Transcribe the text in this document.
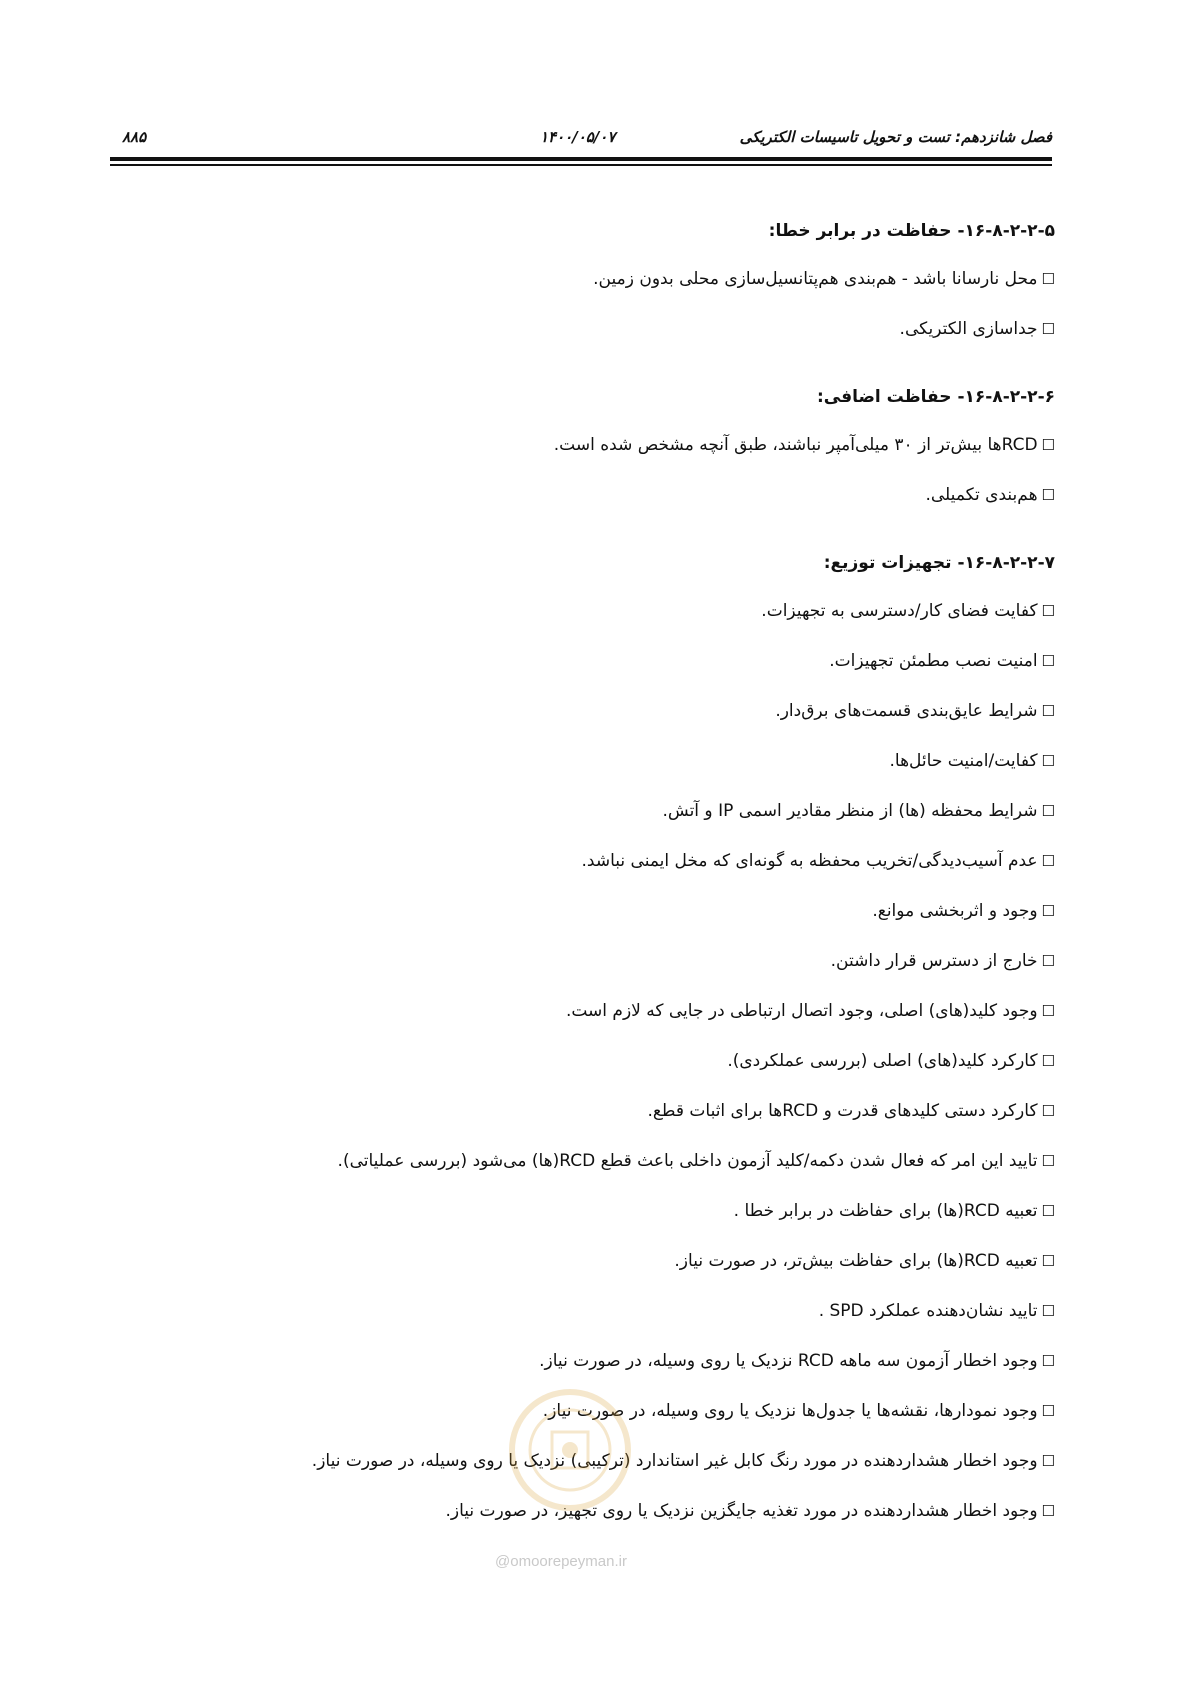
فصل شانزدهم: تست و تحویل تاسیسات الکتریکی
۱۴۰۰/۰۵/۰۷
۸۸۵
۱۶-۸-۲-۲-۵- حفاظت در برابر خطا:
☐محل نارسانا باشد - هم‌بندی هم‌پتانسیل‌سازی محلی بدون زمین.
☐جداسازی الکتریکی.
۱۶-۸-۲-۲-۶- حفاظت اضافی:
☐RCDها بیش‌تر از ۳۰ میلی‌آمپر نباشند، طبق آنچه مشخص شده است.
☐هم‌بندی تکمیلی.
۱۶-۸-۲-۲-۷- تجهیزات توزیع:
☐کفایت فضای کار/دسترسی به تجهیزات.
☐امنیت نصب مطمئن تجهیزات.
☐شرایط عایق‌بندی قسمت‌های برق‌دار.
☐کفایت/امنیت حائل‌ها.
☐شرایط محفظه (ها) از منظر مقادیر اسمی IP و آتش.
☐عدم آسیب‌دیدگی/تخریب محفظه به گونه‌ای که مخل ایمنی نباشد.
☐وجود و اثربخشی موانع.
☐خارج از دسترس قرار داشتن.
☐وجود کلید(های) اصلی، وجود اتصال ارتباطی در جایی که لازم است.
☐کارکرد کلید(های) اصلی (بررسی عملکردی).
☐کارکرد دستی کلیدهای قدرت و RCDها برای اثبات قطع.
☐تایید این امر که فعال شدن دکمه/کلید آزمون داخلی باعث قطع RCD(ها) می‌شود (بررسی عملیاتی).
☐تعبیه RCD(ها) برای حفاظت در برابر خطا .
☐تعبیه RCD(ها) برای حفاظت بیش‌تر، در صورت نیاز.
☐تایید نشان‌دهنده عملکرد SPD .
☐وجود اخطار آزمون سه ماهه RCD نزدیک یا روی وسیله، در صورت نیاز.
☐وجود نمودارها، نقشه‌ها یا جدول‌ها نزدیک یا روی وسیله، در صورت نیاز.
☐وجود اخطار هشداردهنده در مورد رنگ کابل غیر استاندارد (ترکیبی) نزدیک یا روی وسیله، در صورت نیاز.
☐وجود اخطار هشداردهنده در مورد تغذیه جایگزین نزدیک یا روی تجهیز، در صورت نیاز.
@omoorepeyman.ir
